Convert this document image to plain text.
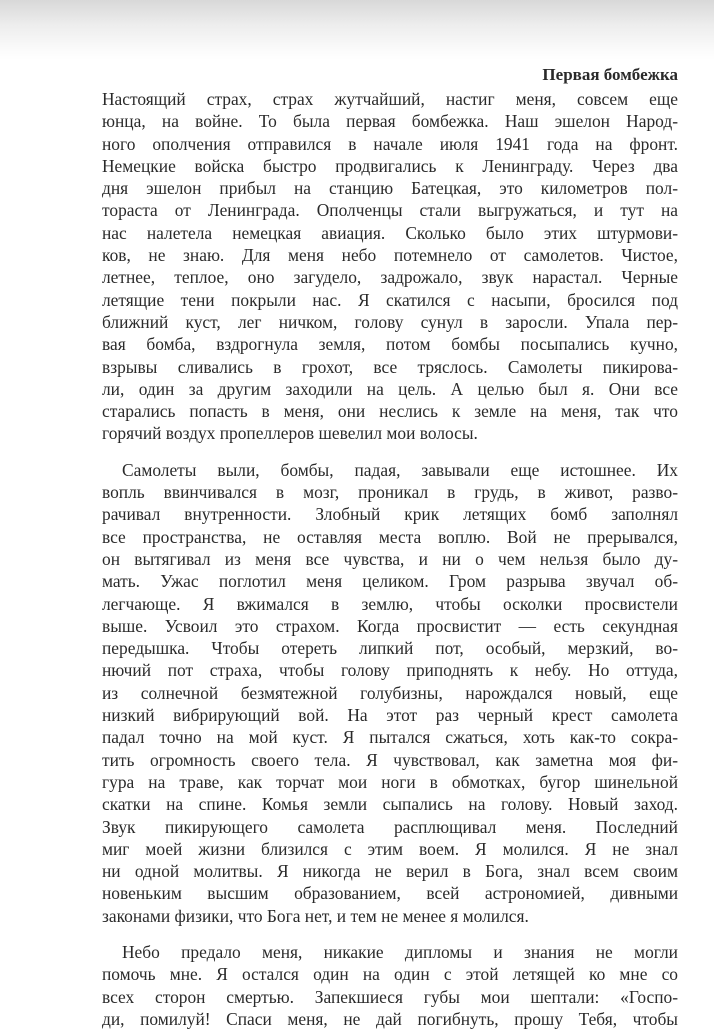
Первая бомбежка
Настоящий страх, страх жутчайший, настиг меня, совсем еще
юнца, на войне. То была первая бомбежка. Наш эшелон Народ-
ного ополчения отправился в начале июля 1941 года на фронт.
Немецкие войска быстро продвигались к Ленинграду. Через два
дня эшелон прибыл на станцию Батецкая, это километров пол-
тораста от Ленинграда. Ополченцы стали выгружаться, и тут на
нас налетела немецкая авиация. Сколько было этих штурмови-
ков, не знаю. Для меня небо потемнело от самолетов. Чистое,
летнее, теплое, оно загудело, задрожало, звук нарастал. Черные
летящие тени покрыли нас. Я скатился с насыпи, бросился под
ближний куст, лег ничком, голову сунул в заросли. Упала пер-
вая бомба, вздрогнула земля, потом бомбы посыпались кучно,
взрывы сливались в грохот, все тряслось. Самолеты пикирова-
ли, один за другим заходили на цель. А целью был я. Они все
старались попасть в меня, они неслись к земле на меня, так что
горячий воздух пропеллеров шевелил мои волосы.
Самолеты выли, бомбы, падая, завывали еще истошнее. Их
вопль ввинчивался в мозг, проникал в грудь, в живот, разво-
рачивал внутренности. Злобный крик летящих бомб заполнял
все пространства, не оставляя места воплю. Вой не прерывался,
он вытягивал из меня все чувства, и ни о чем нельзя было ду-
мать. Ужас поглотил меня целиком. Гром разрыва звучал об-
легчающе. Я вжимался в землю, чтобы осколки просвистели
выше. Усвоил это страхом. Когда просвистит — есть секундная
передышка. Чтобы отереть липкий пот, особый, мерзкий, во-
нючий пот страха, чтобы голову приподнять к небу. Но оттуда,
из солнечной безмятежной голубизны, нарождался новый, еще
низкий вибрирующий вой. На этот раз черный крест самолета
падал точно на мой куст. Я пытался сжаться, хоть как-то сокра-
тить огромность своего тела. Я чувствовал, как заметна моя фи-
гура на траве, как торчат мои ноги в обмотках, бугор шинельной
скатки на спине. Комья земли сыпались на голову. Новый заход.
Звук пикирующего самолета расплющивал меня. Последний
миг моей жизни близился с этим воем. Я молился. Я не знал
ни одной молитвы. Я никогда не верил в Бога, знал всем своим
новеньким высшим образованием, всей астрономией, дивными
законами физики, что Бога нет, и тем не менее я молился.
Небо предало меня, никакие дипломы и знания не могли
помочь мне. Я остался один на один с этой летящей ко мне со
всех сторон смертью. Запекшиеся губы мои шептали: «Госпо-
ди, помилуй! Спаси меня, не дай погибнуть, прошу Тебя, чтобы
